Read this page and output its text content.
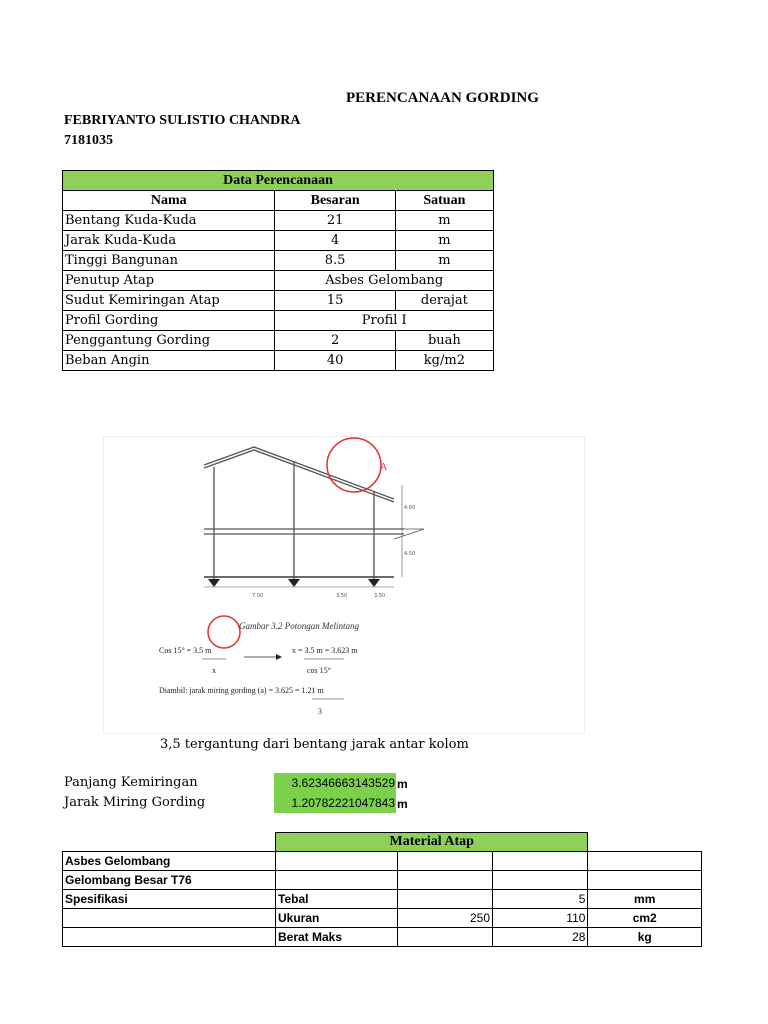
PERENCANAAN GORDING
FEBRIYANTO SULISTIO CHANDRA
7181035
Data Perencanaan		
Nama	Besaran	Satuan
Bentang Kuda-Kuda	21	m
Jarak Kuda-Kuda	4	m
Tinggi Bangunan	8.5	m
Penutup Atap	Asbes Gelombang	
Sudut Kemiringan Atap	15	derajat
Profil Gording	Profil I	
Penggantung Gording	2	buah
Beban Angin	40	kg/m2
A
4.60
4.50
7.00	3.50	3.50
Gambar 3.2 Potongan Melintang
Cos 15° = 3.5 m
x
x = 3.5 m = 3.623 m
cos 15°
Diambil: jarak miring gording (a) = 3.625 = 1.21 m
3
3,5 tergantung dari bentang jarak antar kolom
Panjang Kemiringan	3.62346663143529 m
Jarak Miring Gording	1.20782221047843 m
	Material Atap			
Asbes Gelombang				
Gelombang Besar T76				
Spesifikasi	Tebal		5	mm
	Ukuran	250	110	cm2
	Berat Maks		28	kg
